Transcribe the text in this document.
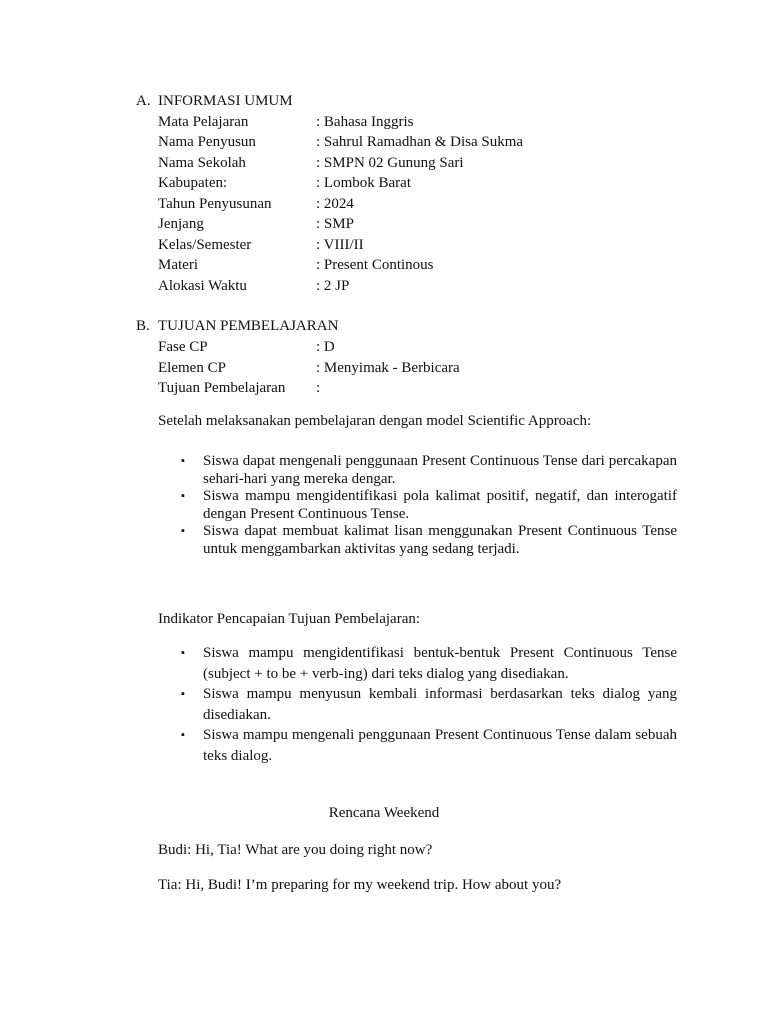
A. INFORMASI UMUM
Mata Pelajaran	: Bahasa Inggris
Nama Penyusun	: Sahrul Ramadhan & Disa Sukma
Nama Sekolah	: SMPN 02 Gunung Sari
Kabupaten:	: Lombok Barat
Tahun Penyusunan	: 2024
Jenjang	: SMP
Kelas/Semester	: VIII/II
Materi	: Present Continous
Alokasi Waktu	: 2 JP
B. TUJUAN PEMBELAJARAN
Fase CP	: D
Elemen CP	: Menyimak - Berbicara
Tujuan Pembelajaran :
Setelah melaksanakan pembelajaran dengan model Scientific Approach:
▪ Siswa dapat mengenali penggunaan Present Continuous Tense dari percakapan sehari-hari yang mereka dengar.
▪ Siswa mampu mengidentifikasi pola kalimat positif, negatif, dan interogatif dengan Present Continuous Tense.
▪ Siswa dapat membuat kalimat lisan menggunakan Present Continuous Tense untuk menggambarkan aktivitas yang sedang terjadi.
Indikator Pencapaian Tujuan Pembelajaran:
▪ Siswa mampu mengidentifikasi bentuk-bentuk Present Continuous Tense (subject + to be + verb-ing) dari teks dialog yang disediakan.
▪ Siswa mampu menyusun kembali informasi berdasarkan teks dialog yang disediakan.
▪ Siswa mampu mengenali penggunaan Present Continuous Tense dalam sebuah teks dialog.
Rencana Weekend
Budi: Hi, Tia! What are you doing right now?
Tia: Hi, Budi! I’m preparing for my weekend trip. How about you?
